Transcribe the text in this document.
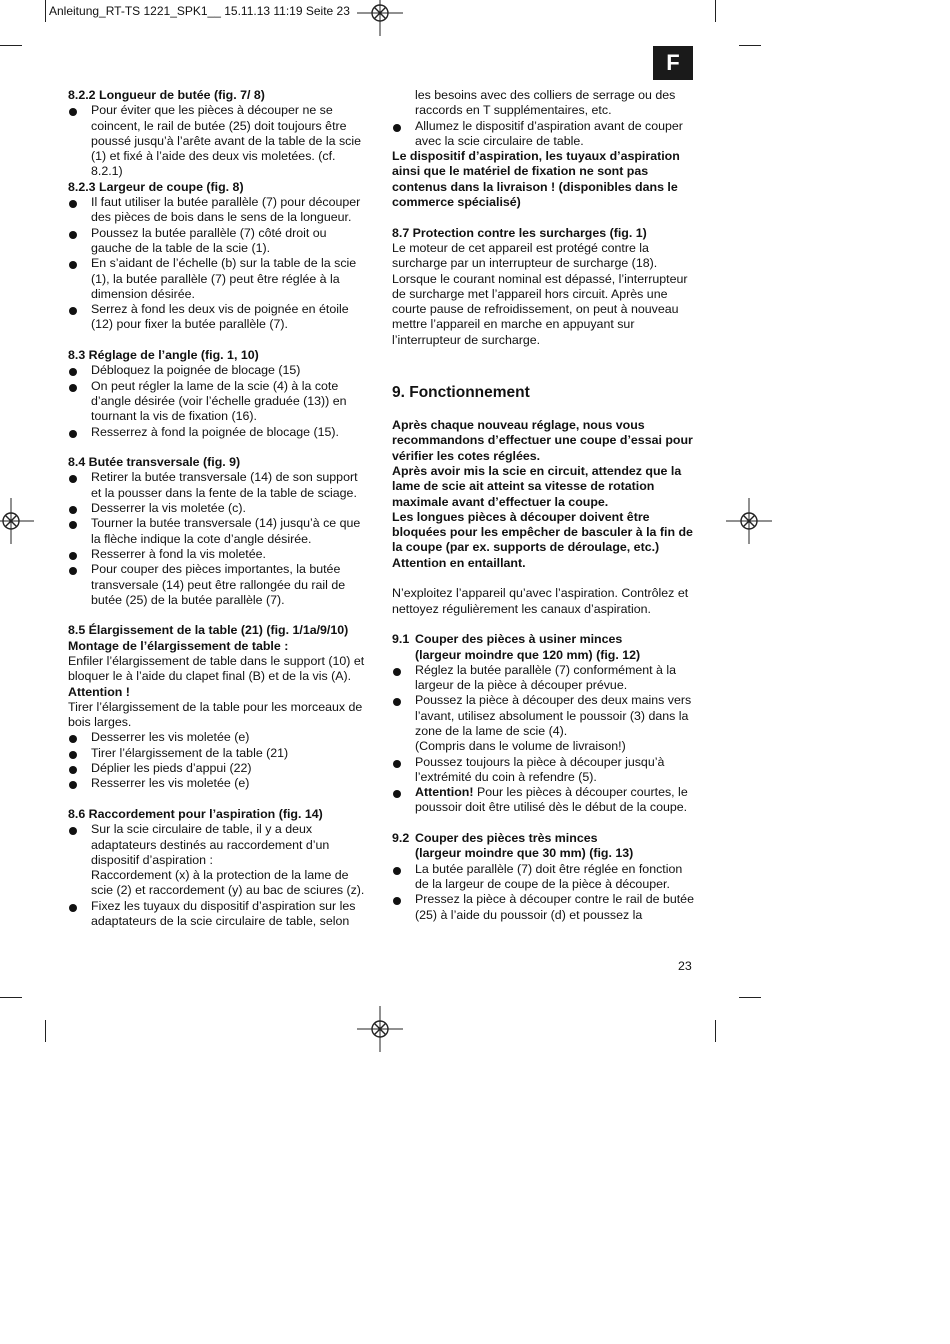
Anleitung_RT-TS 1221_SPK1__ 15.11.13 11:19 Seite 23
F

8.2.2 Longueur de butée (fig. 7/ 8)

Pour éviter que les pièces à découper ne se coincent, le rail de butée (25) doit toujours être poussé jusqu’à l’arête avant de la table de la scie (1) et fixé à l’aide des deux vis moletées. (cf. 8.2.1)

8.2.3 Largeur de coupe (fig. 8)

Il faut utiliser la butée parallèle (7) pour découper des pièces de bois dans le sens de la longueur.

Poussez la butée parallèle (7) côté droit ou gauche de la table de la scie (1).

En s’aidant de l’échelle (b) sur la table de la scie (1), la butée parallèle (7) peut être réglée à la dimension désirée.

Serrez à fond les deux vis de poignée en étoile (12) pour fixer la butée parallèle (7).

8.3 Réglage de l’angle (fig. 1, 10)

Débloquez la poignée de blocage (15)

On peut régler la lame de la scie (4) à la cote d’angle désirée (voir l’échelle graduée (13)) en tournant la vis de fixation (16).

Resserrez à fond la poignée de blocage (15).

8.4 Butée transversale (fig. 9)

Retirer la butée transversale (14) de son support et la pousser dans la fente de la table de sciage.

Desserrer la vis moletée (c).

Tourner la butée transversale (14) jusqu’à ce que la flèche indique la cote d’angle désirée.

Resserrer à fond la vis moletée.

Pour couper des pièces importantes, la butée transversale (14) peut être rallongée du rail de butée (25) de la butée parallèle (7).

8.5 Élargissement de la table (21) (fig. 1/1a/9/10)

Montage de l’élargissement de table :

Enfiler l’élargissement de table dans le support (10) et bloquer le à l’aide du clapet final (B) et de la vis (A).

Attention !

Tirer l’élargissement de la table pour les morceaux de bois larges.

Desserrer les vis moletée (e)

Tirer l’élargissement de la table (21)

Déplier les pieds d’appui (22)

Resserrer les vis moletée (e)

8.6 Raccordement pour l’aspiration (fig. 14)

Sur la scie circulaire de table, il y a deux adaptateurs destinés au raccordement d’un dispositif d’aspiration :
Raccordement (x) à la protection de la lame de scie (2) et raccordement (y) au bac de sciures (z).

Fixez les tuyaux du dispositif d’aspiration sur les adaptateurs de la scie circulaire de table, selon

les besoins avec des colliers de serrage ou des raccords en T supplémentaires, etc.

Allumez le dispositif d’aspiration avant de couper avec la scie circulaire de table.

Le dispositif d’aspiration, les tuyaux d’aspiration ainsi que le matériel de fixation ne sont pas contenus dans la livraison ! (disponibles dans le commerce spécialisé)

8.7 Protection contre les surcharges (fig. 1)

Le moteur de cet appareil est protégé contre la surcharge par un interrupteur de surcharge (18). Lorsque le courant nominal est dépassé, l’interrupteur de surcharge met l’appareil hors circuit. Après une courte pause de refroidissement, on peut à nouveau mettre l’appareil en marche en appuyant sur l’interrupteur de surcharge.

9. Fonctionnement

Après chaque nouveau réglage, nous vous recommandons d’effectuer une coupe d’essai pour vérifier les cotes réglées.

Après avoir mis la scie en circuit, attendez que la lame de scie ait atteint sa vitesse de rotation maximale avant d’effectuer la coupe.

Les longues pièces à découper doivent être bloquées pour les empêcher de basculer à la fin de la coupe (par ex. supports de déroulage, etc.) Attention en entaillant.

N’exploitez l’appareil qu’avec l’aspiration. Contrôlez et nettoyez régulièrement les canaux d’aspiration.

9.1 Couper des pièces à usiner minces
(largeur moindre que 120 mm) (fig. 12)

Réglez la butée parallèle (7) conformément à la largeur de la pièce à découper prévue.

Poussez la pièce à découper des deux mains vers l’avant, utilisez absolument le poussoir (3) dans la zone de la lame de scie (4).
(Compris dans le volume de livraison!)

Poussez toujours la pièce à découper jusqu’à l’extrémité du coin à refendre (5).

Attention! Pour les pièces à découper courtes, le poussoir doit être utilisé dès le début de la coupe.

9.2 Couper des pièces très minces
(largeur moindre que 30 mm) (fig. 13)

La butée parallèle (7) doit être réglée en fonction de la largeur de coupe de la pièce à découper.

Pressez la pièce à découper contre le rail de butée (25) à l’aide du poussoir (d) et poussez la

23
